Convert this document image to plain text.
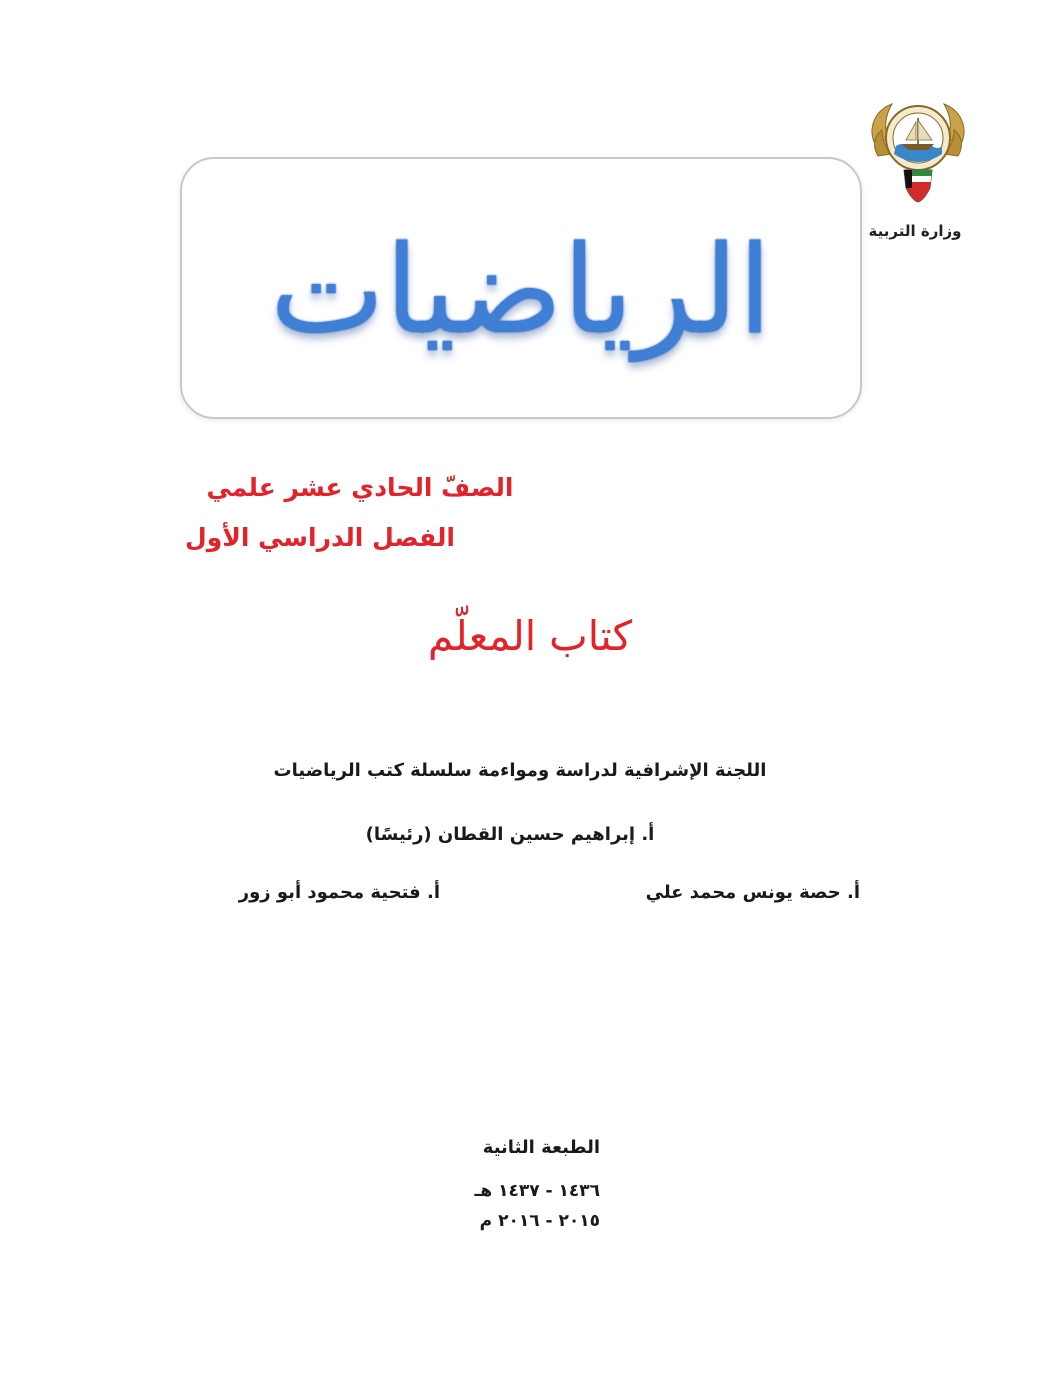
وزارة التربية
الرياضيات
الصفّ الحادي عشر علمي
الفصل الدراسي الأول
كتاب المعلّم
اللجنة الإشرافية لدراسة ومواءمة سلسلة كتب الرياضيات
أ. إبراهيم حسين القطان (رئيسًا)
أ. حصة يونس محمد علي
أ. فتحية محمود أبو زور
الطبعة الثانية
١٤٣٦ - ١٤٣٧ هـ
٢٠١٥ - ٢٠١٦ م
